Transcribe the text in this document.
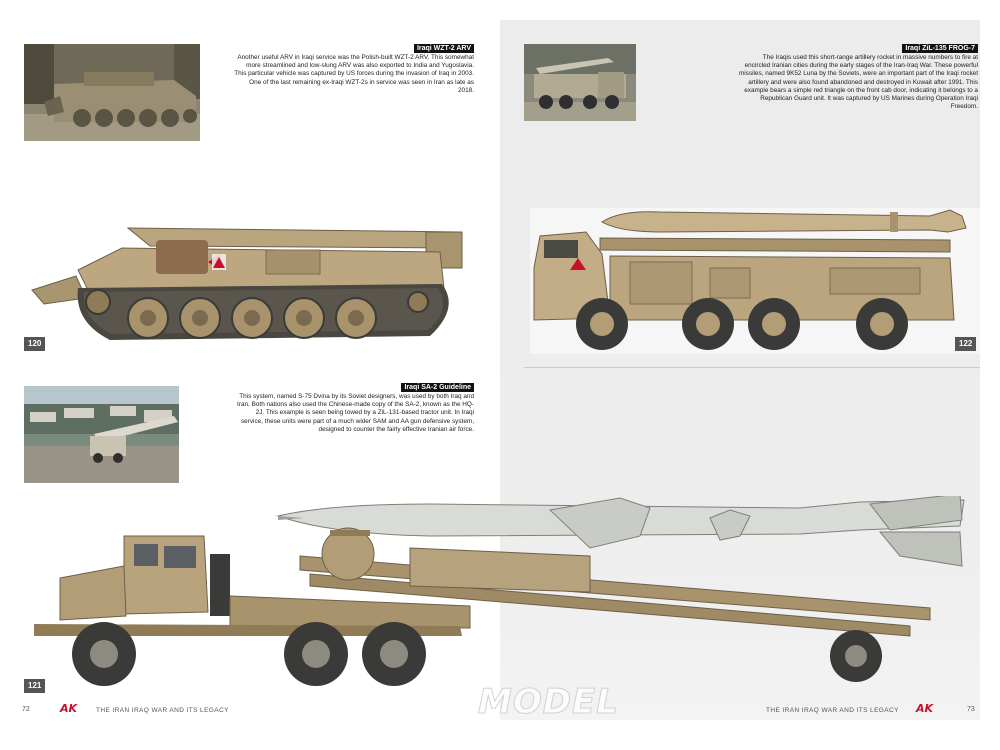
Iraqi WZT-2 ARV
Another useful ARV in Iraqi service was the Polish-built WZT-2 ARV. This somewhat more streamlined and low-slung ARV was also exported to India and Yugoslavia. This particular vehicle was captured by US forces during the invasion of Iraq in 2003. One of the last remaining ex-Iraqi WZT-2s in service was seen in Iran as late as 2018.
120
Iraqi SA-2 Guideline
This system, named S-75 Dvina by its Soviet designers, was used by both Iraq and Iran. Both nations also used the Chinese-made copy of the SA-2, known as the HQ-2J. This example is seen being towed by a ZiL-131-based tractor unit. In Iraqi service, these units were part of a much wider SAM and AA gun defensive system, designed to counter the fairly effective Iranian air force.
121
72	AK	THE IRAN IRAQ WAR AND ITS LEGACY
Iraqi ZiL-135 FROG-7
The Iraqis used this short-range artillery rocket in massive numbers to fire at encircled Iranian cities during the early stages of the Iran-Iraq War. These powerful missiles, named 9K52 Luna by the Soviets, were an important part of the Iraqi rocket artillery and were also found abandoned and destroyed in Kuwait after 1991. This example bears a simple red triangle on the front cab door, indicating it belongs to a Republican Guard unit. It was captured by US Marines during Operation Iraqi Freedom.
122
MODEL	THE IRAN IRAQ WAR AND ITS LEGACY AK	73
